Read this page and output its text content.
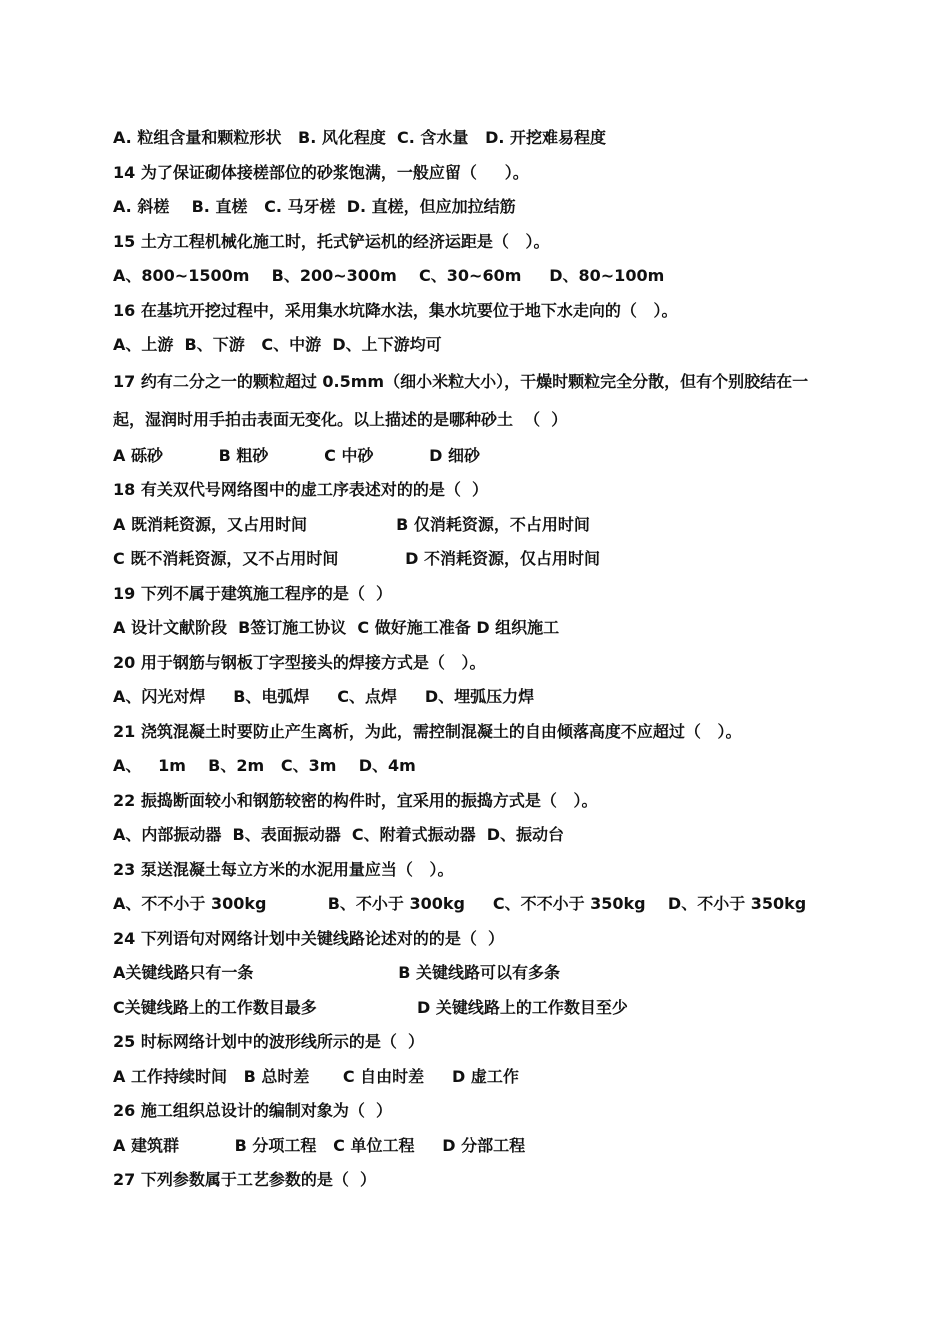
A. 粒组含量和颗粒形状   B. 风化程度  C. 含水量   D. 开挖难易程度
14 为了保证砌体接槎部位的砂浆饱满，一般应留（     ）。
A. 斜槎    B. 直槎   C. 马牙槎  D. 直槎，但应加拉结筋
15 土方工程机械化施工时，托式铲运机的经济运距是（   ）。
A、800~1500m    B、200~300m    C、30~60m     D、80~100m
16 在基坑开挖过程中，采用集水坑降水法，集水坑要位于地下水走向的（   ）。
A、上游  B、下游   C、中游  D、上下游均可
17 约有二分之一的颗粒超过 0.5mm（细小米粒大小），干燥时颗粒完全分散，但有个别胶结在一
起，湿润时用手拍击表面无变化。以上描述的是哪种砂土  （  ）
A 砾砂          B 粗砂          C 中砂          D 细砂
18 有关双代号网络图中的虚工序表述对的的是（  ）
A 既消耗资源，又占用时间                B 仅消耗资源，不占用时间
C 既不消耗资源，又不占用时间            D 不消耗资源，仅占用时间
19 下列不属于建筑施工程序的是（  ）
A 设计文献阶段  B签订施工协议  C 做好施工准备 D 组织施工
20 用于钢筋与钢板丁字型接头的焊接方式是（   ）。
A、闪光对焊     B、电弧焊     C、点焊     D、埋弧压力焊
21 浇筑混凝土时要防止产生离析，为此，需控制混凝土的自由倾落高度不应超过（   ）。
A、   1m    B、2m   C、3m    D、4m
22 振捣断面较小和钢筋较密的构件时，宜采用的振捣方式是（   ）。
A、内部振动器  B、表面振动器  C、附着式振动器  D、振动台
23 泵送混凝土每立方米的水泥用量应当（   ）。
A、不不小于 300kg           B、不小于 300kg     C、不不小于 350kg    D、不小于 350kg
24 下列语句对网络计划中关键线路论述对的的是（  ）
A关键线路只有一条                          B 关键线路可以有多条
C关键线路上的工作数目最多                  D 关键线路上的工作数目至少
25 时标网络计划中的波形线所示的是（  ）
A 工作持续时间   B 总时差      C 自由时差     D 虚工作
26 施工组织总设计的编制对象为（  ）
A 建筑群          B 分项工程   C 单位工程     D 分部工程
27 下列参数属于工艺参数的是（  ）
